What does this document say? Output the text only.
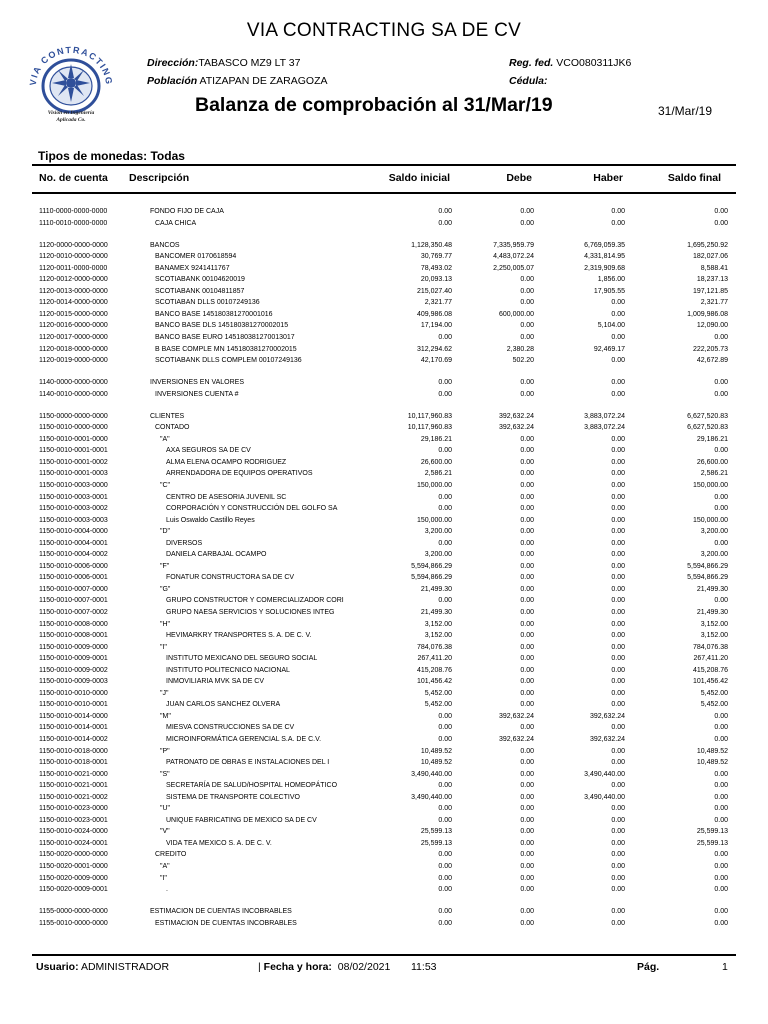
VIA CONTRACTING SA DE CV
VIA CONTRACTING
Visión en Ingeniería
Aplicada Co.
Dirección:TABASCO MZ9 LT 37
Población ATIZAPAN DE ZARAGOZA
Reg. fed. VCO080311JK6
Cédula:
Balanza de comprobación al 31/Mar/19	31/Mar/19
Tipos de monedas: Todas
No. de cuenta Descripción	Saldo inicial	Debe	Haber	Saldo final
1110-0000-0000-0000	FONDO FIJO DE CAJA	0.00	0.00	0.00	0.00
1110-0010-0000-0000	CAJA CHICA	0.00	0.00	0.00	0.00
1120-0000-0000-0000	BANCOS	1,128,350.48	7,335,959.79	6,769,059.35	1,695,250.92
1120-0010-0000-0000	BANCOMER 0170618594	30,769.77	4,483,072.24	4,331,814.95	182,027.06
1120-0011-0000-0000	BANAMEX 9241411767	78,493.02	2,250,005.07	2,319,909.68	8,588.41
1120-0012-0000-0000	SCOTIABANK 00104620019	20,093.13	0.00	1,856.00	18,237.13
1120-0013-0000-0000	SCOTIABANK 00104811857	215,027.40	0.00	17,905.55	197,121.85
1120-0014-0000-0000	SCOTIABAN DLLS 00107249136	2,321.77	0.00	0.00	2,321.77
1120-0015-0000-0000	BANCO BASE 145180381270001016	409,986.08	600,000.00	0.00	1,009,986.08
1120-0016-0000-0000	BANCO BASE DLS 145180381270002015	17,194.00	0.00	5,104.00	12,090.00
1120-0017-0000-0000	BANCO BASE EURO 145180381270013017	0.00	0.00	0.00	0.00
1120-0018-0000-0000	B BASE COMPLE MN 145180381270002015	312,294.62	2,380.28	92,469.17	222,205.73
1120-0019-0000-0000	SCOTIABANK DLLS COMPLEM 00107249136	42,170.69	502.20	0.00	42,672.89
1140-0000-0000-0000	INVERSIONES EN VALORES	0.00	0.00	0.00	0.00
1140-0010-0000-0000	INVERSIONES CUENTA #	0.00	0.00	0.00	0.00
1150-0000-0000-0000	CLIENTES	10,117,960.83	392,632.24	3,883,072.24	6,627,520.83
1150-0010-0000-0000	CONTADO	10,117,960.83	392,632.24	3,883,072.24	6,627,520.83
1150-0010-0001-0000	"A"	29,186.21	0.00	0.00	29,186.21
1150-0010-0001-0001	AXA SEGUROS SA DE CV	0.00	0.00	0.00	0.00
1150-0010-0001-0002	ALMA ELENA OCAMPO RODRIGUEZ	26,600.00	0.00	0.00	26,600.00
1150-0010-0001-0003	ARRENDADORA DE EQUIPOS OPERATIVOS	2,586.21	0.00	0.00	2,586.21
1150-0010-0003-0000	"C"	150,000.00	0.00	0.00	150,000.00
1150-0010-0003-0001	CENTRO DE ASESORIA JUVENIL SC	0.00	0.00	0.00	0.00
1150-0010-0003-0002	CORPORACIÓN Y CONSTRUCCIÓN DEL GOLFO SA	0.00	0.00	0.00	0.00
1150-0010-0003-0003	Luis Oswaldo Castillo Reyes	150,000.00	0.00	0.00	150,000.00
1150-0010-0004-0000	"D"	3,200.00	0.00	0.00	3,200.00
1150-0010-0004-0001	DIVERSOS	0.00	0.00	0.00	0.00
1150-0010-0004-0002	DANIELA CARBAJAL OCAMPO	3,200.00	0.00	0.00	3,200.00
1150-0010-0006-0000	"F"	5,594,866.29	0.00	0.00	5,594,866.29
1150-0010-0006-0001	FONATUR CONSTRUCTORA SA DE CV	5,594,866.29	0.00	0.00	5,594,866.29
1150-0010-0007-0000	"G"	21,499.30	0.00	0.00	21,499.30
1150-0010-0007-0001	GRUPO CONSTRUCTOR Y COMERCIALIZADOR CORI	0.00	0.00	0.00	0.00
1150-0010-0007-0002	GRUPO NAESA SERVICIOS Y SOLUCIONES INTEG	21,499.30	0.00	0.00	21,499.30
1150-0010-0008-0000	"H"	3,152.00	0.00	0.00	3,152.00
1150-0010-0008-0001	HEVIMARKRY TRANSPORTES S. A. DE C. V.	3,152.00	0.00	0.00	3,152.00
1150-0010-0009-0000	"I"	784,076.38	0.00	0.00	784,076.38
1150-0010-0009-0001	INSTITUTO MEXICANO DEL SEGURO SOCIAL	267,411.20	0.00	0.00	267,411.20
1150-0010-0009-0002	INSTITUTO POLITECNICO NACIONAL	415,208.76	0.00	0.00	415,208.76
1150-0010-0009-0003	INMOVILIARIA MVK SA DE CV	101,456.42	0.00	0.00	101,456.42
1150-0010-0010-0000	"J"	5,452.00	0.00	0.00	5,452.00
1150-0010-0010-0001	JUAN CARLOS SANCHEZ OLVERA	5,452.00	0.00	0.00	5,452.00
1150-0010-0014-0000	"M"	0.00	392,632.24	392,632.24	0.00
1150-0010-0014-0001	MIESVA CONSTRUCCIONES SA DE CV	0.00	0.00	0.00	0.00
1150-0010-0014-0002	MICROINFORMÁTICA GERENCIAL S.A. DE C.V.	0.00	392,632.24	392,632.24	0.00
1150-0010-0018-0000	"P"	10,489.52	0.00	0.00	10,489.52
1150-0010-0018-0001	PATRONATO DE OBRAS E INSTALACIONES DEL I	10,489.52	0.00	0.00	10,489.52
1150-0010-0021-0000	"S"	3,490,440.00	0.00	3,490,440.00	0.00
1150-0010-0021-0001	SECRETARÍA DE SALUD/HOSPITAL HOMEOPÁTICO	0.00	0.00	0.00	0.00
1150-0010-0021-0002	SISTEMA DE TRANSPORTE COLECTIVO	3,490,440.00	0.00	3,490,440.00	0.00
1150-0010-0023-0000	"U"	0.00	0.00	0.00	0.00
1150-0010-0023-0001	UNIQUE FABRICATING DE MEXICO SA DE CV	0.00	0.00	0.00	0.00
1150-0010-0024-0000	"V"	25,599.13	0.00	0.00	25,599.13
1150-0010-0024-0001	VIDA TEA MEXICO S. A. DE C. V.	25,599.13	0.00	0.00	25,599.13
1150-0020-0000-0000	CREDITO	0.00	0.00	0.00	0.00
1150-0020-0001-0000	"A"	0.00	0.00	0.00	0.00
1150-0020-0009-0000	"I"	0.00	0.00	0.00	0.00
1150-0020-0009-0001	.	0.00	0.00	0.00	0.00
1155-0000-0000-0000	ESTIMACION DE CUENTAS INCOBRABLES	0.00	0.00	0.00	0.00
1155-0010-0000-0000	ESTIMACION DE CUENTAS INCOBRABLES	0.00	0.00	0.00	0.00
Usuario: ADMINISTRADOR	| Fecha y hora: 08/02/2021 11:53	Pág.	1
